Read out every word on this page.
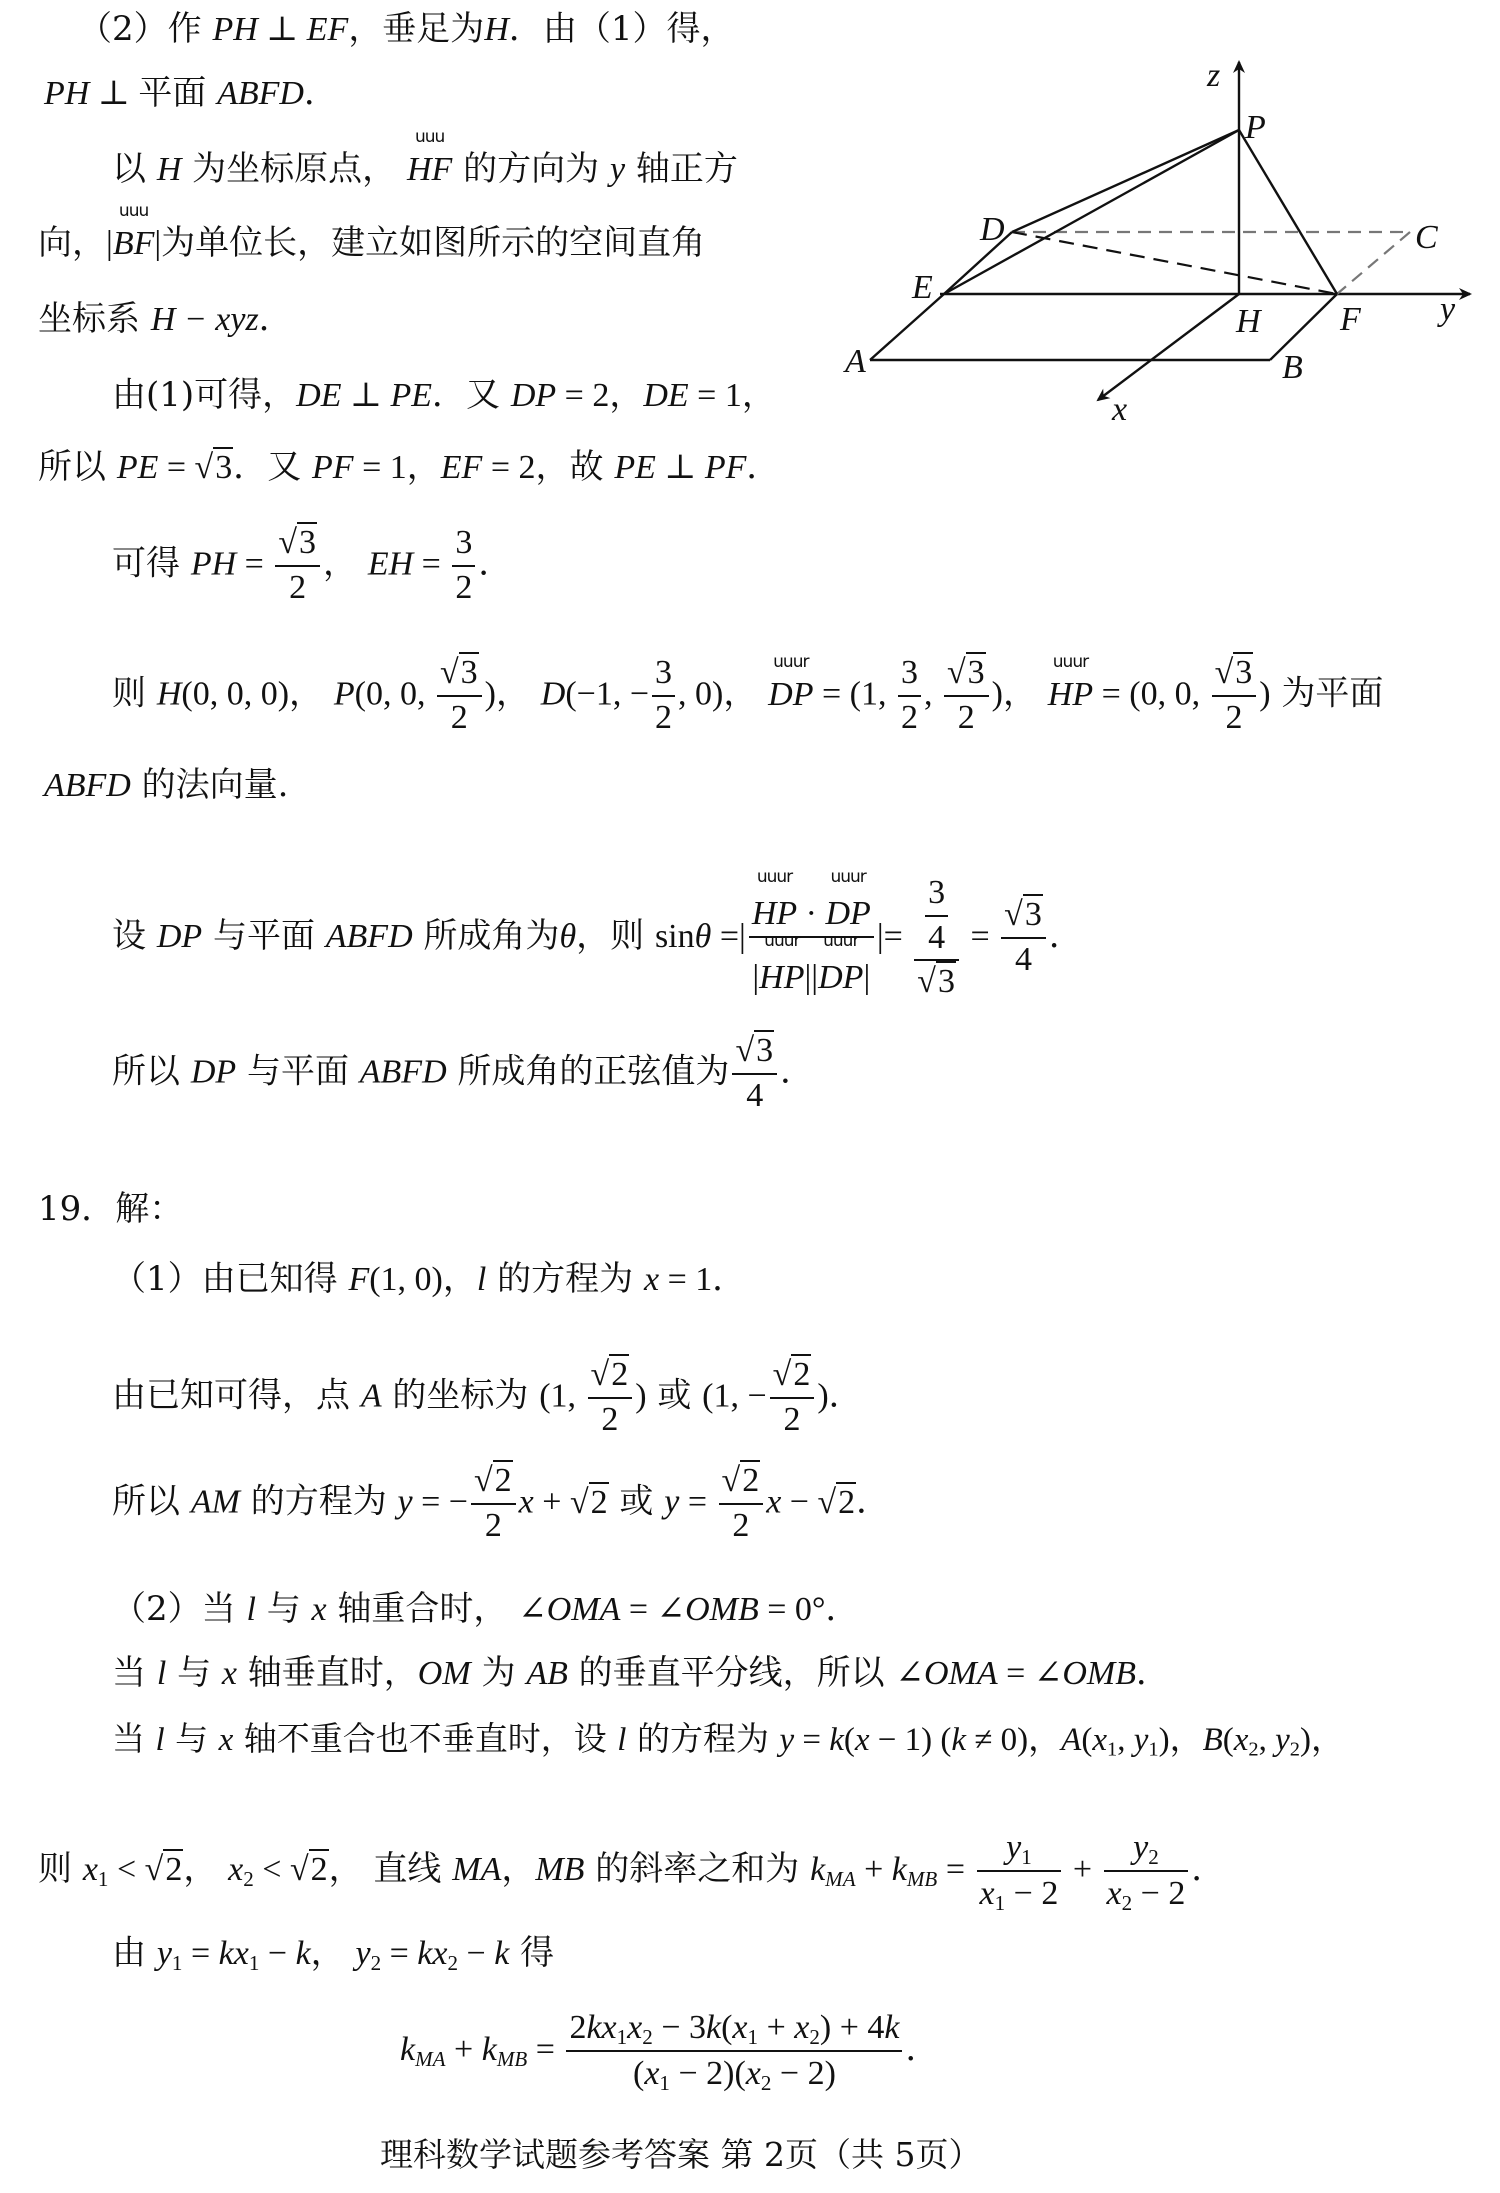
（2）作 PH ⊥ EF，垂足为H．由（1）得，
PH ⊥ 平面 ABFD．
以 H 为坐标原点，
uuu
HF 的方向为 y 轴正方
向，|
uuu
BF|为单位长，建立如图所示的空间直角
坐标系 H − xyz．
由(1)可得，DE ⊥ PE．又 DP = 2，DE = 1，
所以 PE = √3．又 PF = 1，EF = 2，故 PE ⊥ PF．
可得 PH = $\frac{√3}{2}$ ， EH = $\frac{3}{2}$ ．
则 H(0, 0, 0)， P(0, 0, $\frac{√3}{2}$ )， D(−1, − $\frac{3}{2}$ , 0)，
uuur
DP = (1, $\frac{3}{2}$ , $\frac{√3}{2}$ )，
uuur
HP = (0, 0, $\frac{√3}{2}$ ) 为平面
ABFD 的法向量.
设 DP 与平面 ABFD 所成角为θ，则 sinθ =| uuur
HP ·
uuur
DP
|
uuur
HP||
uuur
DP| |= $\frac{\frac{3}{4}}{√3} = \frac{√3}{4}$ ．
所以 DP 与平面 ABFD 所成角的正弦值为 $\frac{√3}{4}$ ．
19．解：
（1）由已知得 F(1, 0)，l 的方程为 x = 1．
由已知可得，点 A 的坐标为 (1, $\frac{√2}{2}$ ) 或 (1, − $\frac{√2}{2}$ )．
所以 AM 的方程为 y = − $\frac{√2}{2}$ x + √2 或 $y = \frac{√2}{2}$ x − √2．
（2）当 l 与 x 轴重合时， ∠OMA = ∠OMB = 0°．
当 l 与 x 轴垂直时，OM 为 AB 的垂直平分线，所以 ∠OMA = ∠OMB．
当 l 与 x 轴不重合也不垂直时，设 l 的方程为 y = k(x − 1) (k ≠ 0)，$A(x_1$, $y_1$)，$B(x_2$, $y_2$)，
则 $x_1 < √2$， $x_2 < √2$， 直线 MA，MB 的斜率之和为 $k_{MA} + k_{MB} = \frac{y_1}{x_1 - 2} + \frac{y_2}{x_2 - 2}$ ．
由 $y_1 = kx_1 - k$， $y_2 = kx_2 - k$ 得
$k_{MA} + k_{MB} = \frac{2kx_1x_2 - 3k(x_1 + x_2) + 4k}{(x_1 - 2)(x_2 - 2)}$ ．
理科数学试题参考答案 第 2页（共 5页）
z
P
C
D
E
H F y
A	B
x
